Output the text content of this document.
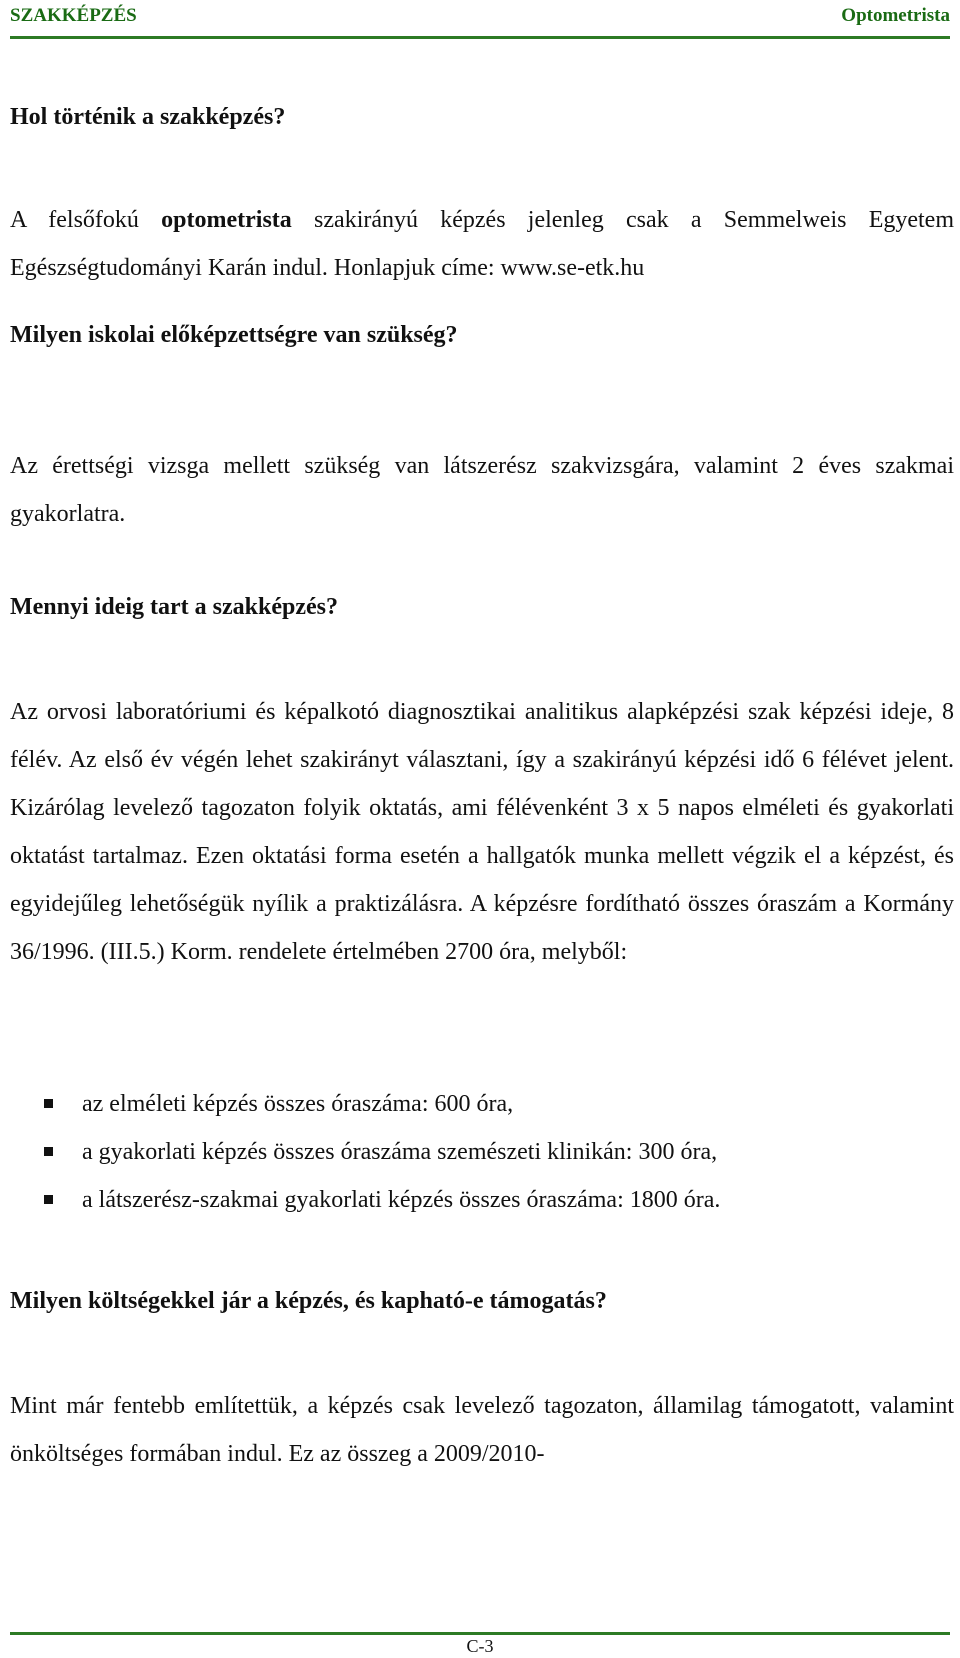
SZAKKÉPZÉS	Optometrista
Hol történik a szakképzés?
A felsőfokú optometrista szakirányú képzés jelenleg csak a Semmelweis Egyetem Egészségtudományi Karán indul. Honlapjuk címe: www.se-etk.hu
Milyen iskolai előképzettségre van szükség?
Az érettségi vizsga mellett szükség van látszerész szakvizsgára, valamint 2 éves szakmai gyakorlatra.
Mennyi ideig tart a szakképzés?
Az orvosi laboratóriumi és képalkotó diagnosztikai analitikus alapképzési szak képzési ideje, 8 félév. Az első év végén lehet szakirányt választani, így a szakirányú képzési idő 6 félévet jelent. Kizárólag levelező tagozaton folyik oktatás, ami félévenként 3 x 5 napos elméleti és gyakorlati oktatást tartalmaz. Ezen oktatási forma esetén a hallgatók munka mellett végzik el a képzést, és egyidejűleg lehetőségük nyílik a praktizálásra. A képzésre fordítható összes óraszám a Kormány 36/1996. (III.5.) Korm. rendelete értelmében 2700 óra, melyből:
az elméleti képzés összes óraszáma: 600 óra,
a gyakorlati képzés összes óraszáma szemészeti klinikán: 300 óra,
a látszerész-szakmai gyakorlati képzés összes óraszáma: 1800 óra.
Milyen költségekkel jár a képzés, és kapható-e támogatás?
Mint már fentebb említettük, a képzés csak levelező tagozaton, államilag támogatott, valamint önköltséges formában indul. Ez az összeg a 2009/2010-
C-3
